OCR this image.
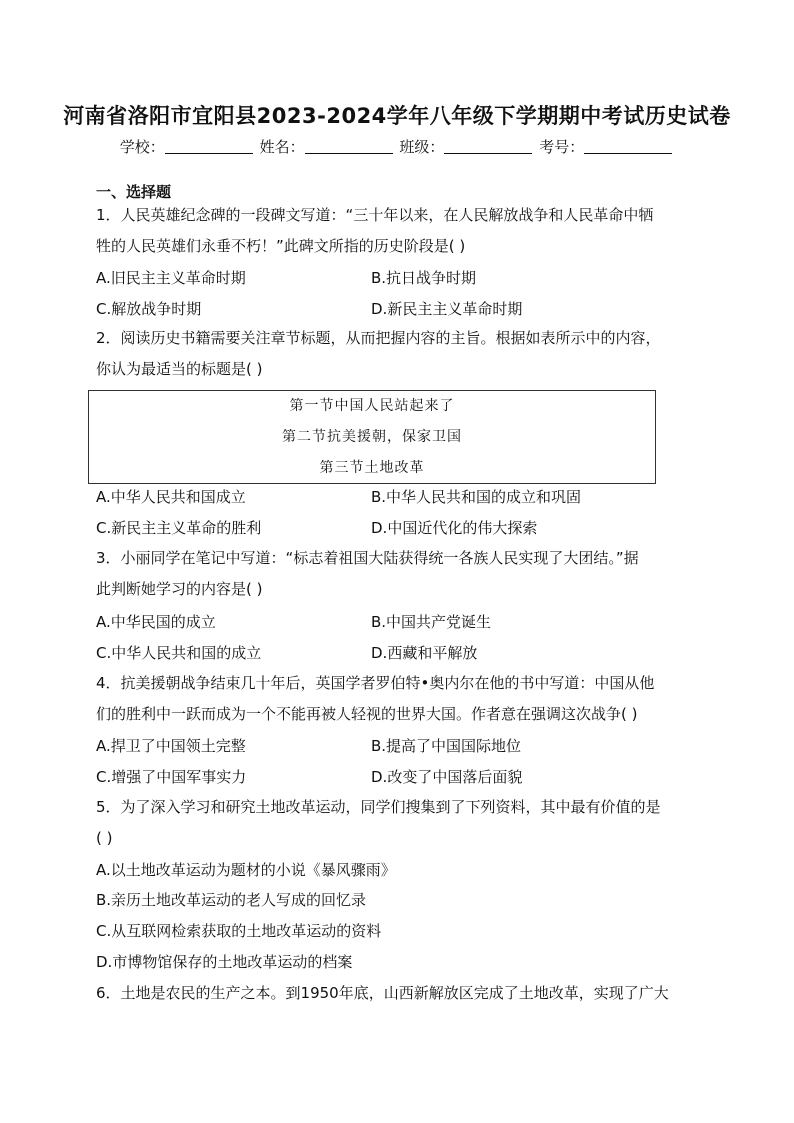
河南省洛阳市宜阳县2023-2024学年八年级下学期期中考试历史试卷
学校：	姓名：	班级：	考号：
一、选择题
1．人民英雄纪念碑的一段碑文写道：“三十年以来，在人民解放战争和人民革命中牺
牲的人民英雄们永垂不朽！”此碑文所指的历史阶段是( )
A.旧民主主义革命时期	B.抗日战争时期
C.解放战争时期	D.新民主主义革命时期
2．阅读历史书籍需要关注章节标题，从而把握内容的主旨。根据如表所示中的内容，
你认为最适当的标题是( )
第一节中国人民站起来了
第二节抗美援朝，保家卫国
第三节土地改革
A.中华人民共和国成立	B.中华人民共和国的成立和巩固
C.新民主主义革命的胜利	D.中国近代化的伟大探索
3．小丽同学在笔记中写道：“标志着祖国大陆获得统一各族人民实现了大团结。”据
此判断她学习的内容是( )
A.中华民国的成立	B.中国共产党诞生
C.中华人民共和国的成立	D.西藏和平解放
4．抗美援朝战争结束几十年后，英国学者罗伯特•奥内尔在他的书中写道：中国从他
们的胜利中一跃而成为一个不能再被人轻视的世界大国。作者意在强调这次战争( )
A.捍卫了中国领土完整	B.提高了中国国际地位
C.增强了中国军事实力	D.改变了中国落后面貌
5．为了深入学习和研究土地改革运动，同学们搜集到了下列资料，其中最有价值的是
( )
A.以土地改革运动为题材的小说《暴风骤雨》
B.亲历土地改革运动的老人写成的回忆录
C.从互联网检索获取的土地改革运动的资料
D.市博物馆保存的土地改革运动的档案
6．土地是农民的生产之本。到1950年底，山西新解放区完成了土地改革，实现了广大
